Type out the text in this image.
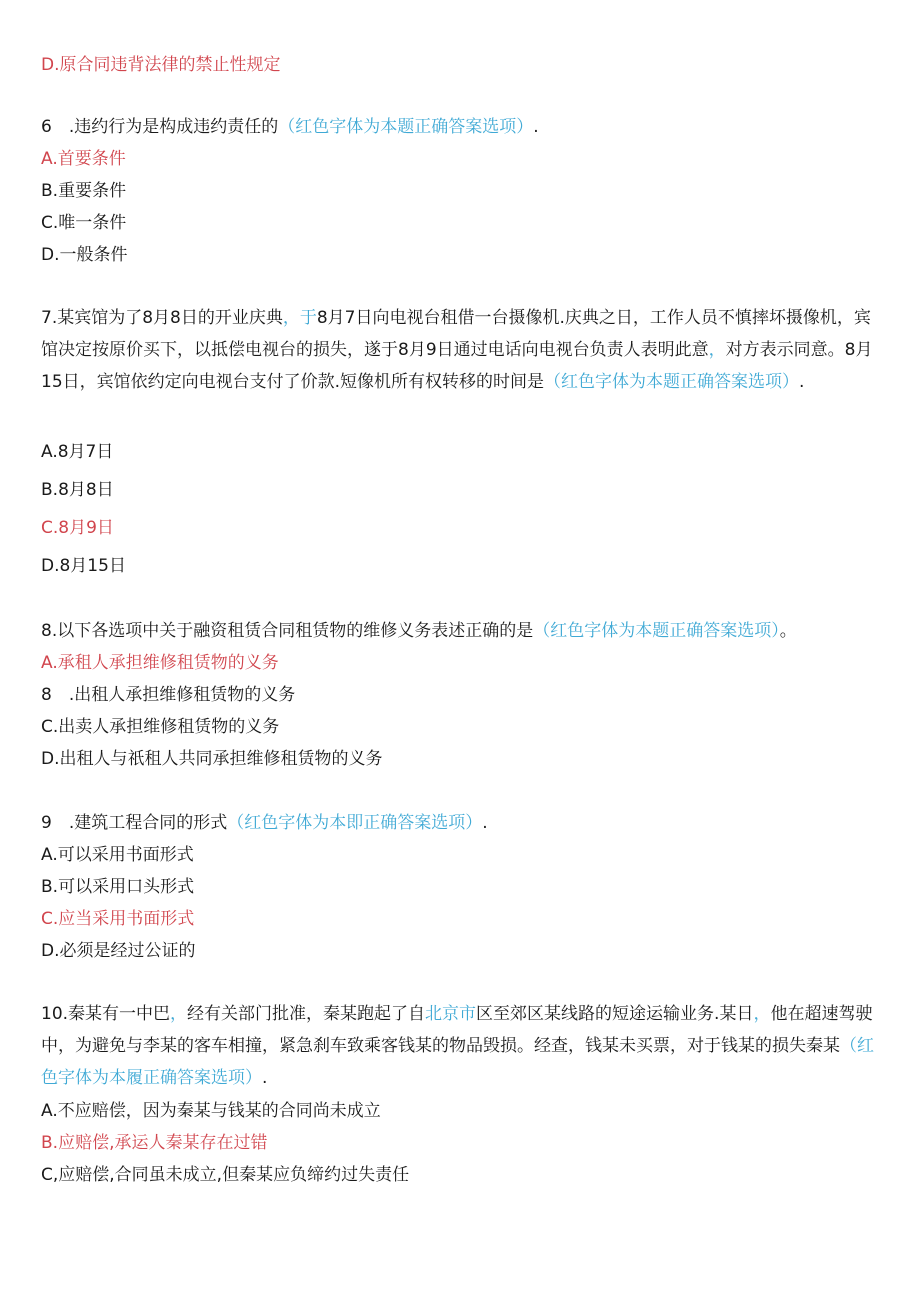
D.原合同违背法律的禁止性规定
6　.违约行为是构成违约责任的（红色字体为本题正确答案选项）.
A.首要条件
B.重要条件
C.唯一条件
D.一般条件
7.某宾馆为了8月8日的开业庆典，于8月7日向电视台租借一台摄像机.庆典之日，工作人员不慎摔坏摄像机，宾馆决定按原价买下，以抵偿电视台的损失，遂于8月9日通过电话向电视台负责人表明此意，对方表示同意。8月15日，宾馆依约定向电视台支付了价款.短像机所有权转移的时间是（红色字体为本题正确答案选项）.
A.8月7日
B.8月8日
C.8月9日
D.8月15日
8.以下各选项中关于融资租赁合同租赁物的维修义务表述正确的是（红色字体为本题正确答案选项）。
A.承租人承担维修租赁物的义务
8　.出租人承担维修租赁物的义务
C.出卖人承担维修租赁物的义务
D.出租人与祇租人共同承担维修租赁物的义务
9　.建筑工程合同的形式（红色字体为本即正确答案选项）.
A.可以采用书面形式
B.可以采用口头形式
C.应当采用书面形式
D.必须是经过公证的
10.秦某有一中巴，经有关部门批准，秦某跑起了自北京市区至郊区某线路的短途运输业务.某日，他在超速驾驶中，为避免与李某的客车相撞，紧急刹车致乘客钱某的物品毁损。经查，钱某未买票，对于钱某的损失秦某（红色字体为本履正确答案选项）.
A.不应赔偿，因为秦某与钱某的合同尚未成立
B.应赔偿,承运人秦某存在过错
C,应赔偿,合同虽未成立,但秦某应负缔约过失责任
